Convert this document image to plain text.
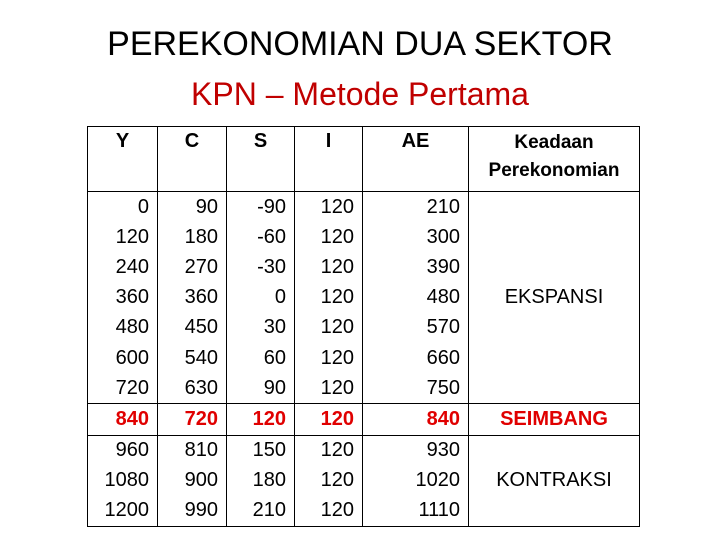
PEREKONOMIAN DUA SEKTOR
KPN – Metode Pertama
Y	C	S	I	AE	Keadaan
Perekonomian
0	90	-90	120	210	EKSPANSI
120	180	-60	120	300	
240	270	-30	120	390	
360	360	0	120	480	
480	450	30	120	570	
600	540	60	120	660	
720	630	90	120	750	
840	720	120	120	840	SEIMBANG
960	810	150	120	930	KONTRAKSI
1080	900	180	120	1020	
1200	990	210	120	1110	
